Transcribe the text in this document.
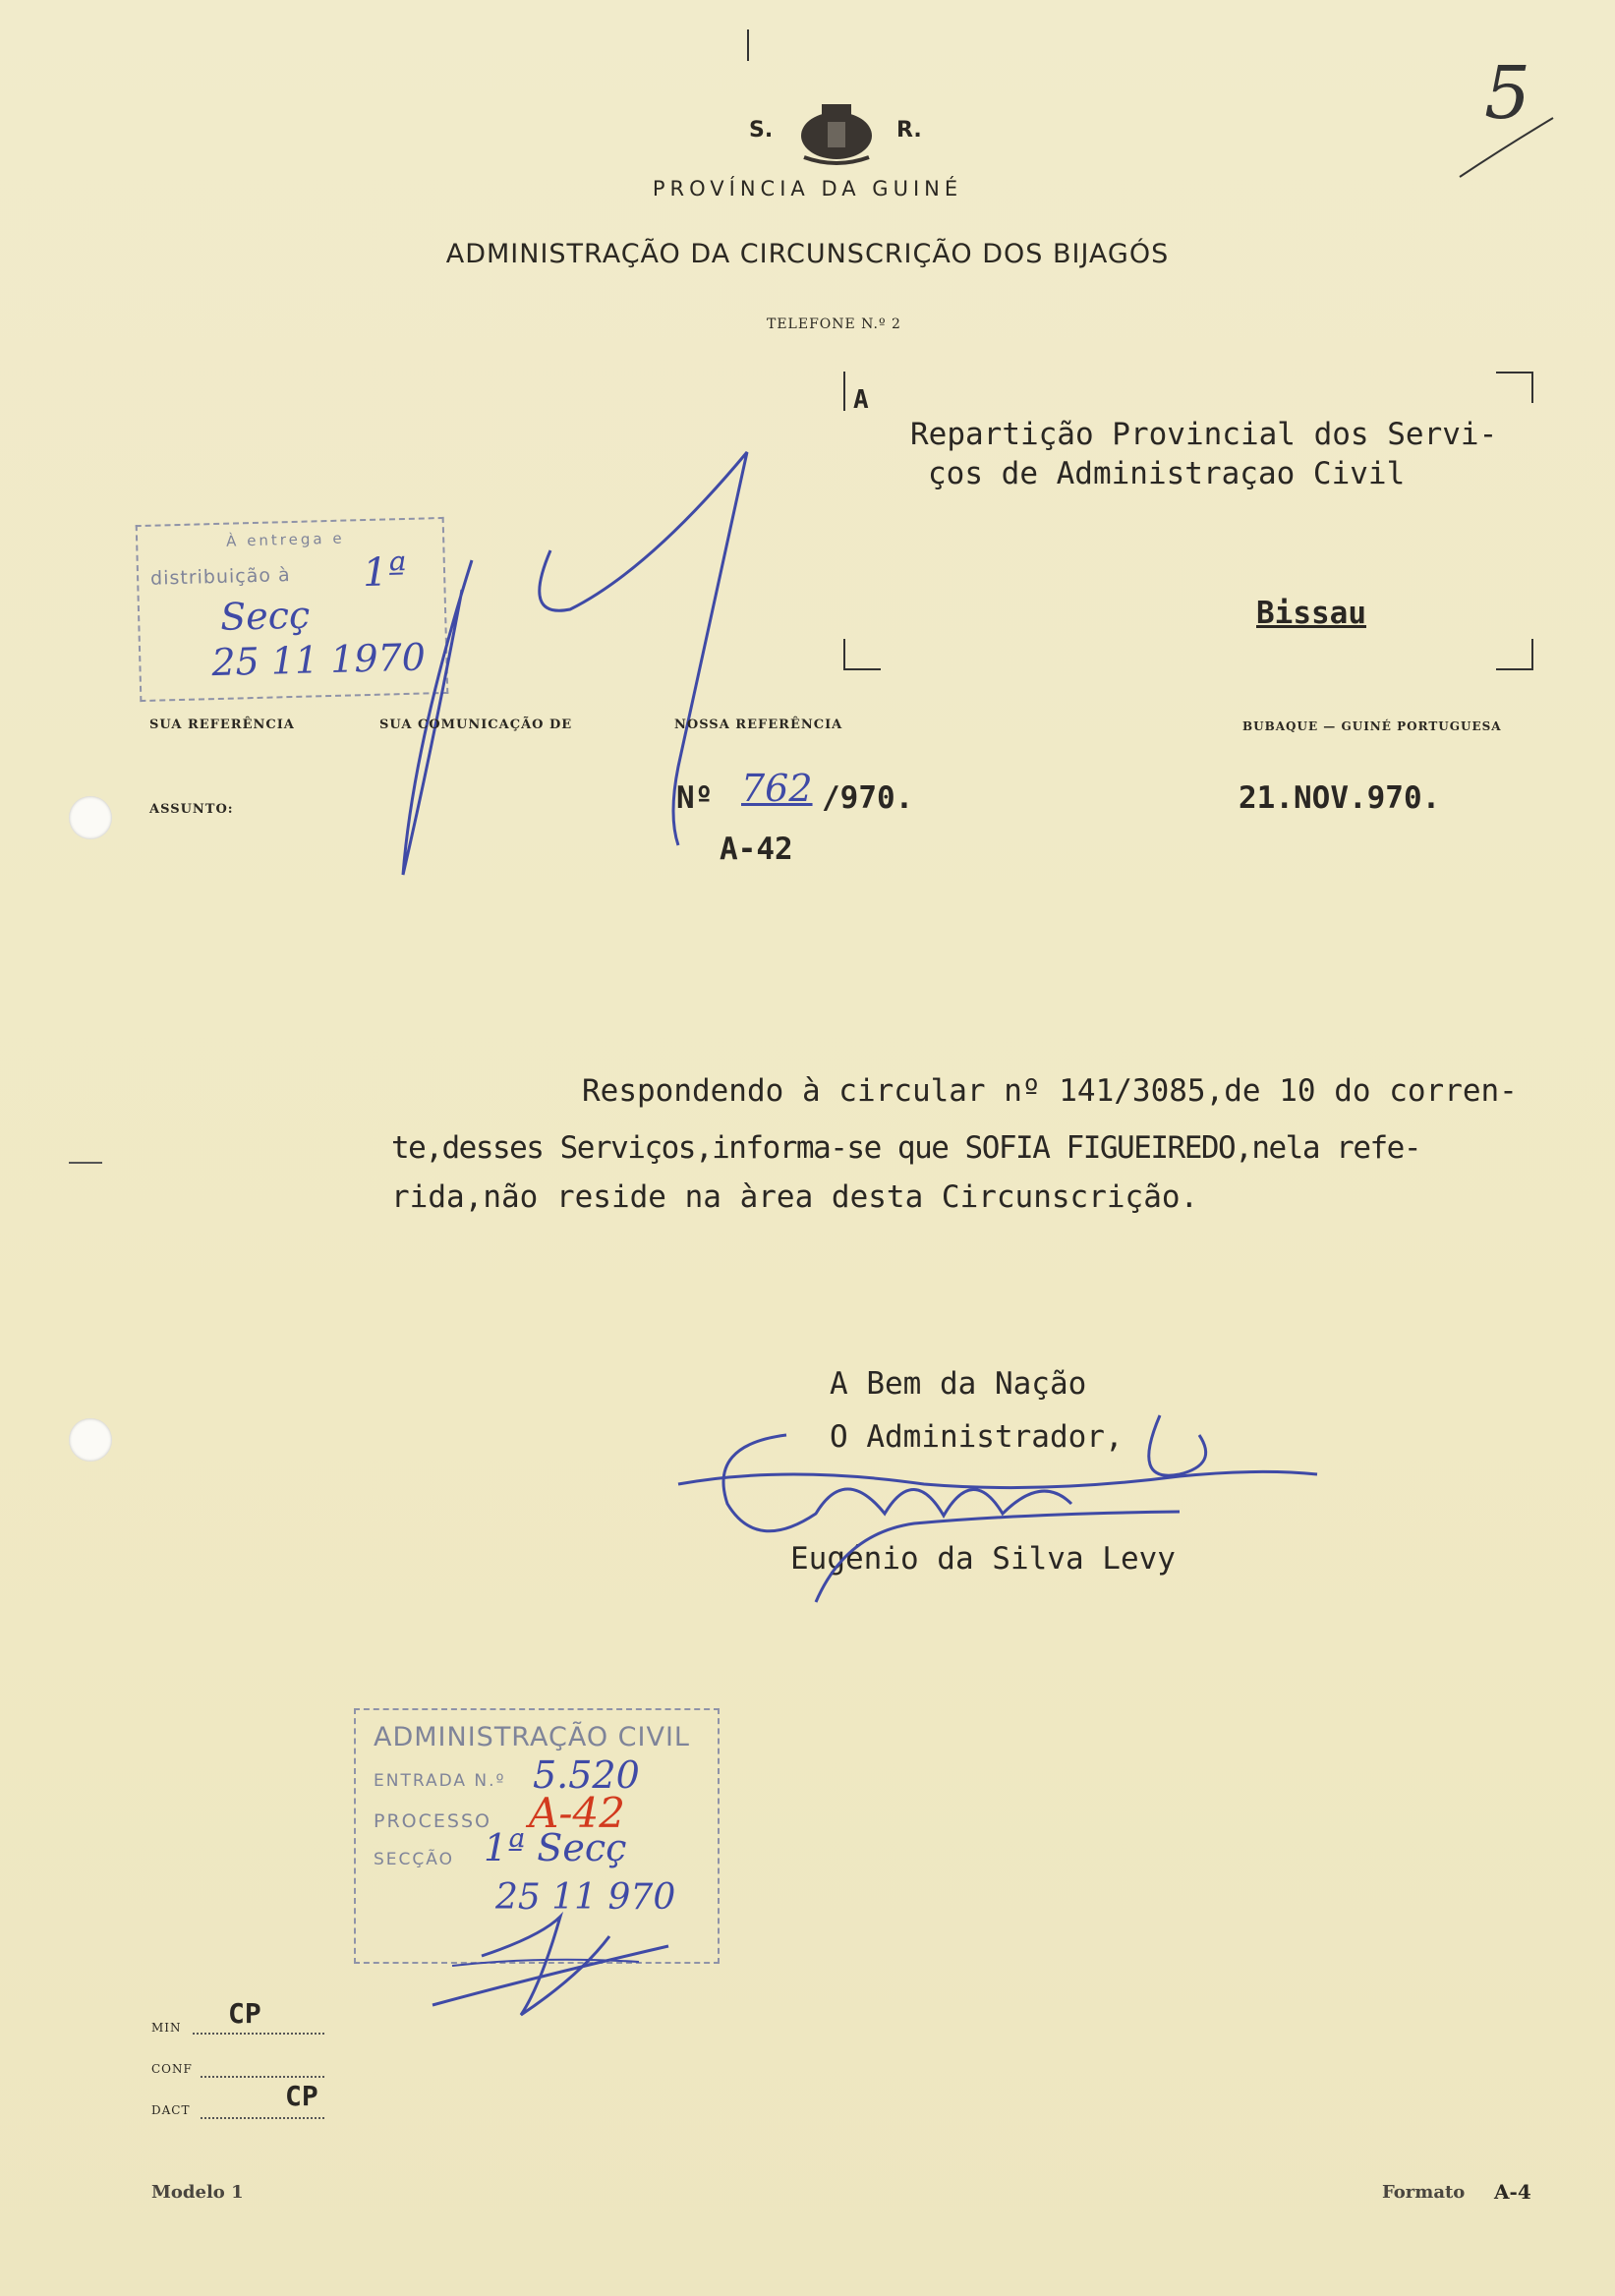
5
S.	R.
PROVÍNCIA DA GUINÉ
ADMINISTRAÇÃO DA CIRCUNSCRIÇÃO DOS BIJAGÓS
TELEFONE N.º 2
A
Repartição Provincial dos Servi-
ços de Administraçao Civil
Bissau
À entrega e
distribuição à 1ª
Secç
25 11 1970
SUA REFERÊNCIA	SUA COMUNICAÇÃO DE	NOSSA REFERÊNCIA	BUBAQUE — GUINÉ PORTUGUESA
ASSUNTO:	Nº 762 /970.
A-42
21.NOV.970.
Respondendo à circular nº 141/3085,de 10 do corren-
te,desses Serviços,informa-se que SOFIA FIGUEIREDO,nela refe-
rida,não reside na àrea desta Circunscrição.
A Bem da Nação
O Administrador,
Eugénio da Silva Levy
ADMINISTRAÇÃO CIVIL
ENTRADA N.º 5.520
PROCESSO A-42
SECÇÃO 1ª Secç
25 11 970
MIN CP
CONF
DACT	CP
Modelo 1	Formato A-4
